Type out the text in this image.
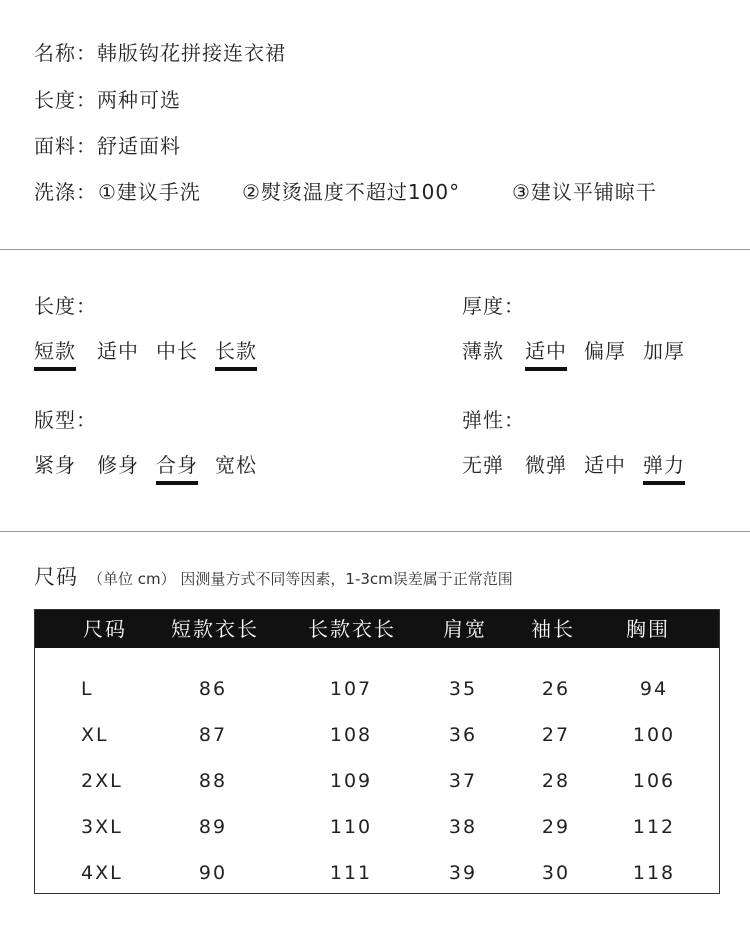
名称：韩版钩花拼接连衣裙
长度：两种可选
面料：舒适面料
洗涤： ①建议手洗 ②熨烫温度不超过100°	③建议平铺晾干
长度：
短款 适中 中长 长款
厚度：
薄款 适中 偏厚 加厚
版型：
紧身 修身 合身 宽松
弹性：
无弹 微弹 适中 弹力
尺码 （单位 cm） 因测量方式不同等因素，1-3cm误差属于正常范围
尺码 短款衣长 长款衣长 肩宽 袖长	胸围
L	86	107	35	26	94
XL	87	108	36	27	100
2XL	88	109	37	28	106
3XL	89	110	38	29	112
4XL	90	111	39	30	118
